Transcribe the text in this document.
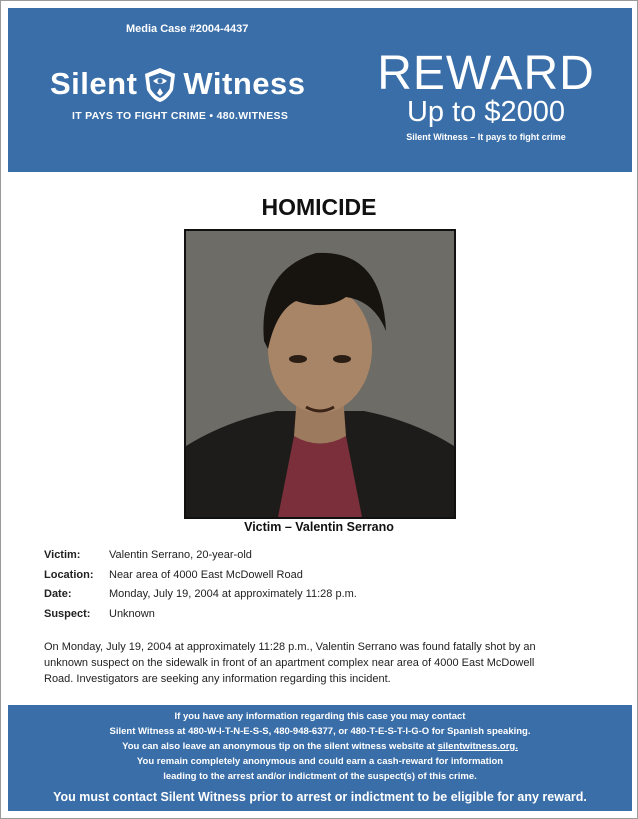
Media Case #2004-4437
Silent Witness
IT PAYS TO FIGHT CRIME • 480.WITNESS
REWARD
Up to $2000
Silent Witness – It pays to fight crime
HOMICIDE
Victim – Valentin Serrano
Victim:	Valentin Serrano, 20-year-old
Location:	Near area of 4000 East McDowell Road
Date:	Monday, July 19, 2004 at approximately 11:28 p.m.
Suspect:	Unknown
On Monday, July 19, 2004 at approximately 11:28 p.m., Valentin Serrano was found fatally shot by an unknown suspect on the sidewalk in front of an apartment complex near area of 4000 East McDowell Road. Investigators are seeking any information regarding this incident.
If you have any information regarding this case you may contact
Silent Witness at 480-W-I-T-N-E-S-S, 480-948-6377, or 480-T-E-S-T-I-G-O for Spanish speaking.
You can also leave an anonymous tip on the silent witness website at silentwitness.org.
You remain completely anonymous and could earn a cash-reward for information
leading to the arrest and/or indictment of the suspect(s) of this crime.
You must contact Silent Witness prior to arrest or indictment to be eligible for any reward.
